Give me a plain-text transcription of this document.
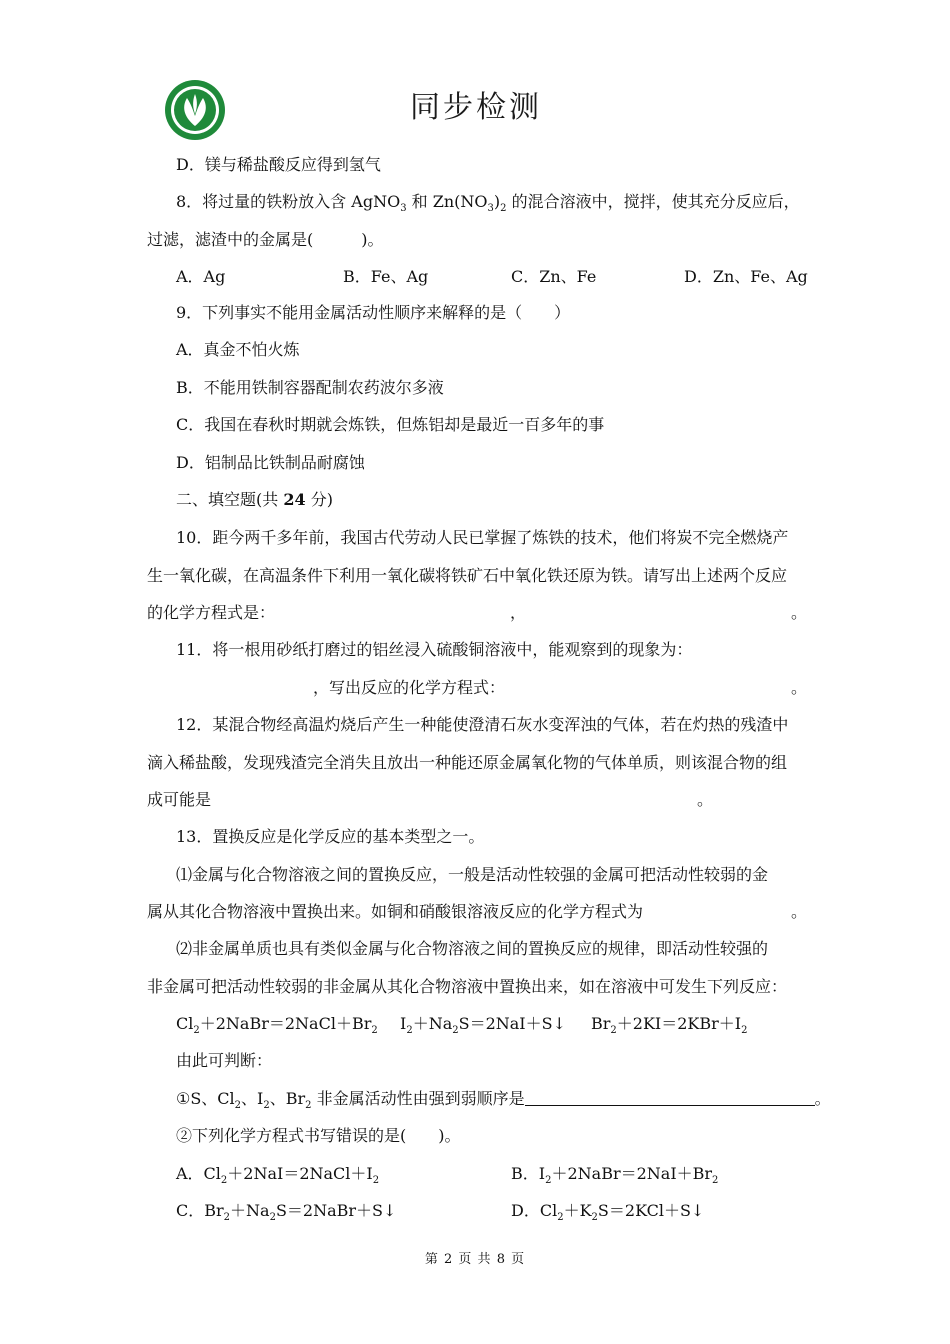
同步检测
D．镁与稀盐酸反应得到氢气
8．将过量的铁粉放入含 AgNO$_3$ 和 $Zn(NO_3)_2$ 的混合溶液中，搅拌，使其充分反应后，
过滤，滤渣中的金属是(　　　)。
A．Ag	B．Fe、Ag	C．Zn、Fe	D．Zn、Fe、Ag
9．下列事实不能用金属活动性顺序来解释的是（　　）
A．真金不怕火炼
B．不能用铁制容器配制农药波尔多液
C．我国在春秋时期就会炼铁，但炼铝却是最近一百多年的事
D．铝制品比铁制品耐腐蚀
二、填空题(共 24 分)
10．距今两千多年前，我国古代劳动人民已掌握了炼铁的技术，他们将炭不完全燃烧产
生一氧化碳，在高温条件下利用一氧化碳将铁矿石中氧化铁还原为铁。请写出上述两个反应
的化学方程式是：	，	。
11．将一根用砂纸打磨过的铝丝浸入硫酸铜溶液中，能观察到的现象为：
，写出反应的化学方程式：	。
12．某混合物经高温灼烧后产生一种能使澄清石灰水变浑浊的气体，若在灼热的残渣中
滴入稀盐酸，发现残渣完全消失且放出一种能还原金属氧化物的气体单质，则该混合物的组
成可能是	。
13．置换反应是化学反应的基本类型之一。
⑴金属与化合物溶液之间的置换反应，一般是活动性较强的金属可把活动性较弱的金
属从其化合物溶液中置换出来。如铜和硝酸银溶液反应的化学方程式为	。
⑵非金属单质也具有类似金属与化合物溶液之间的置换反应的规律，即活动性较强的
非金属可把活动性较弱的非金属从其化合物溶液中置换出来，如在溶液中可发生下列反应：
$Cl_2+2NaBr=2NaCl+Br_2$ $I_2+Na_2S=2NaI+S↓$ $Br_2+2KI=2KBr+I_2$
由此可判断：
①S、$Cl_2$、$I_2$、$Br_2$ 非金属活动性由强到弱顺序是	。
②下列化学方程式书写错误的是(　　)。
A．$Cl_2+2NaI=2NaCl+I_2$	B．$I_2+2NaBr=2NaI+Br_2$
C．$Br_2+Na_2S=2NaBr+S↓$	D．$Cl_2+K_2S=2KCl+S↓$
第 2 页 共 8 页
